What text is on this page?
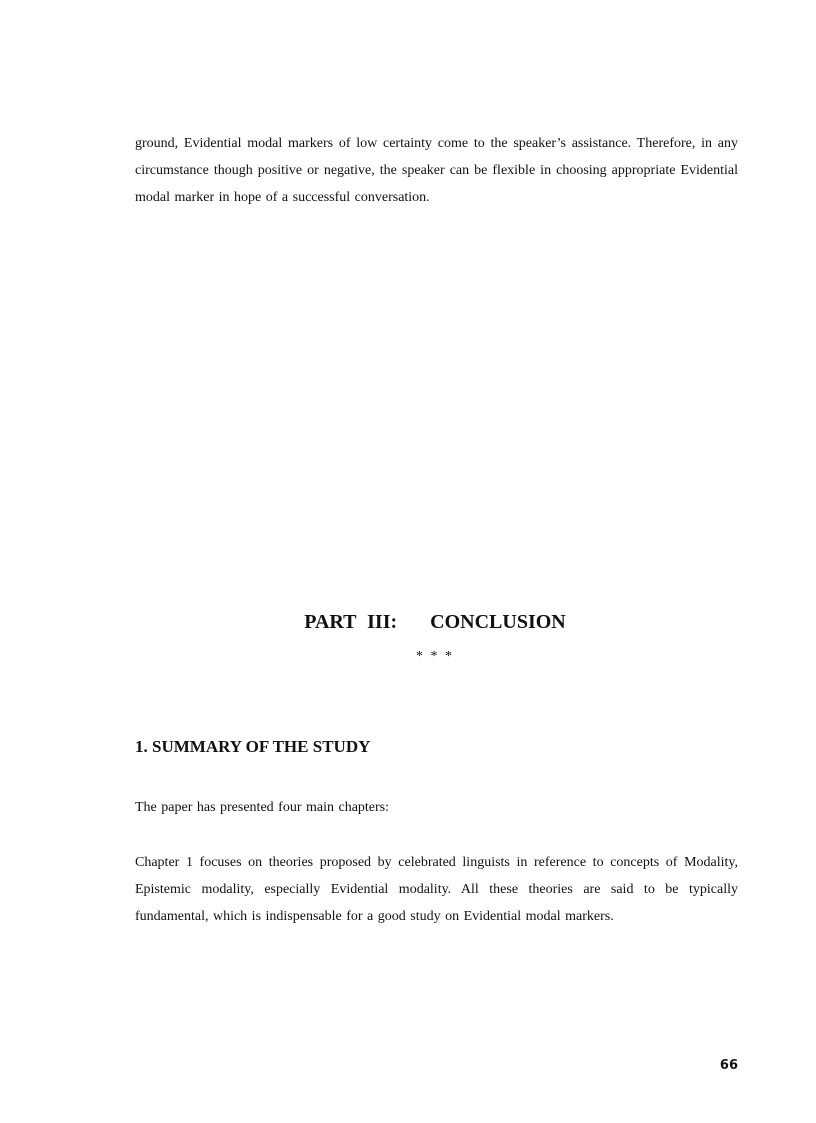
ground, Evidential modal markers of low certainty come to the speaker’s assistance. Therefore, in any circumstance though positive or negative, the speaker can be flexible in choosing appropriate Evidential modal marker in hope of a successful conversation.

PART III:   CONCLUSION
* * *
1. SUMMARY OF THE STUDY

The paper has presented four main chapters:

Chapter 1 focuses on theories proposed by celebrated linguists in reference to concepts of Modality, Epistemic modality, especially Evidential modality. All these theories are said to be typically fundamental, which is indispensable for a good study on Evidential modal markers.

66
